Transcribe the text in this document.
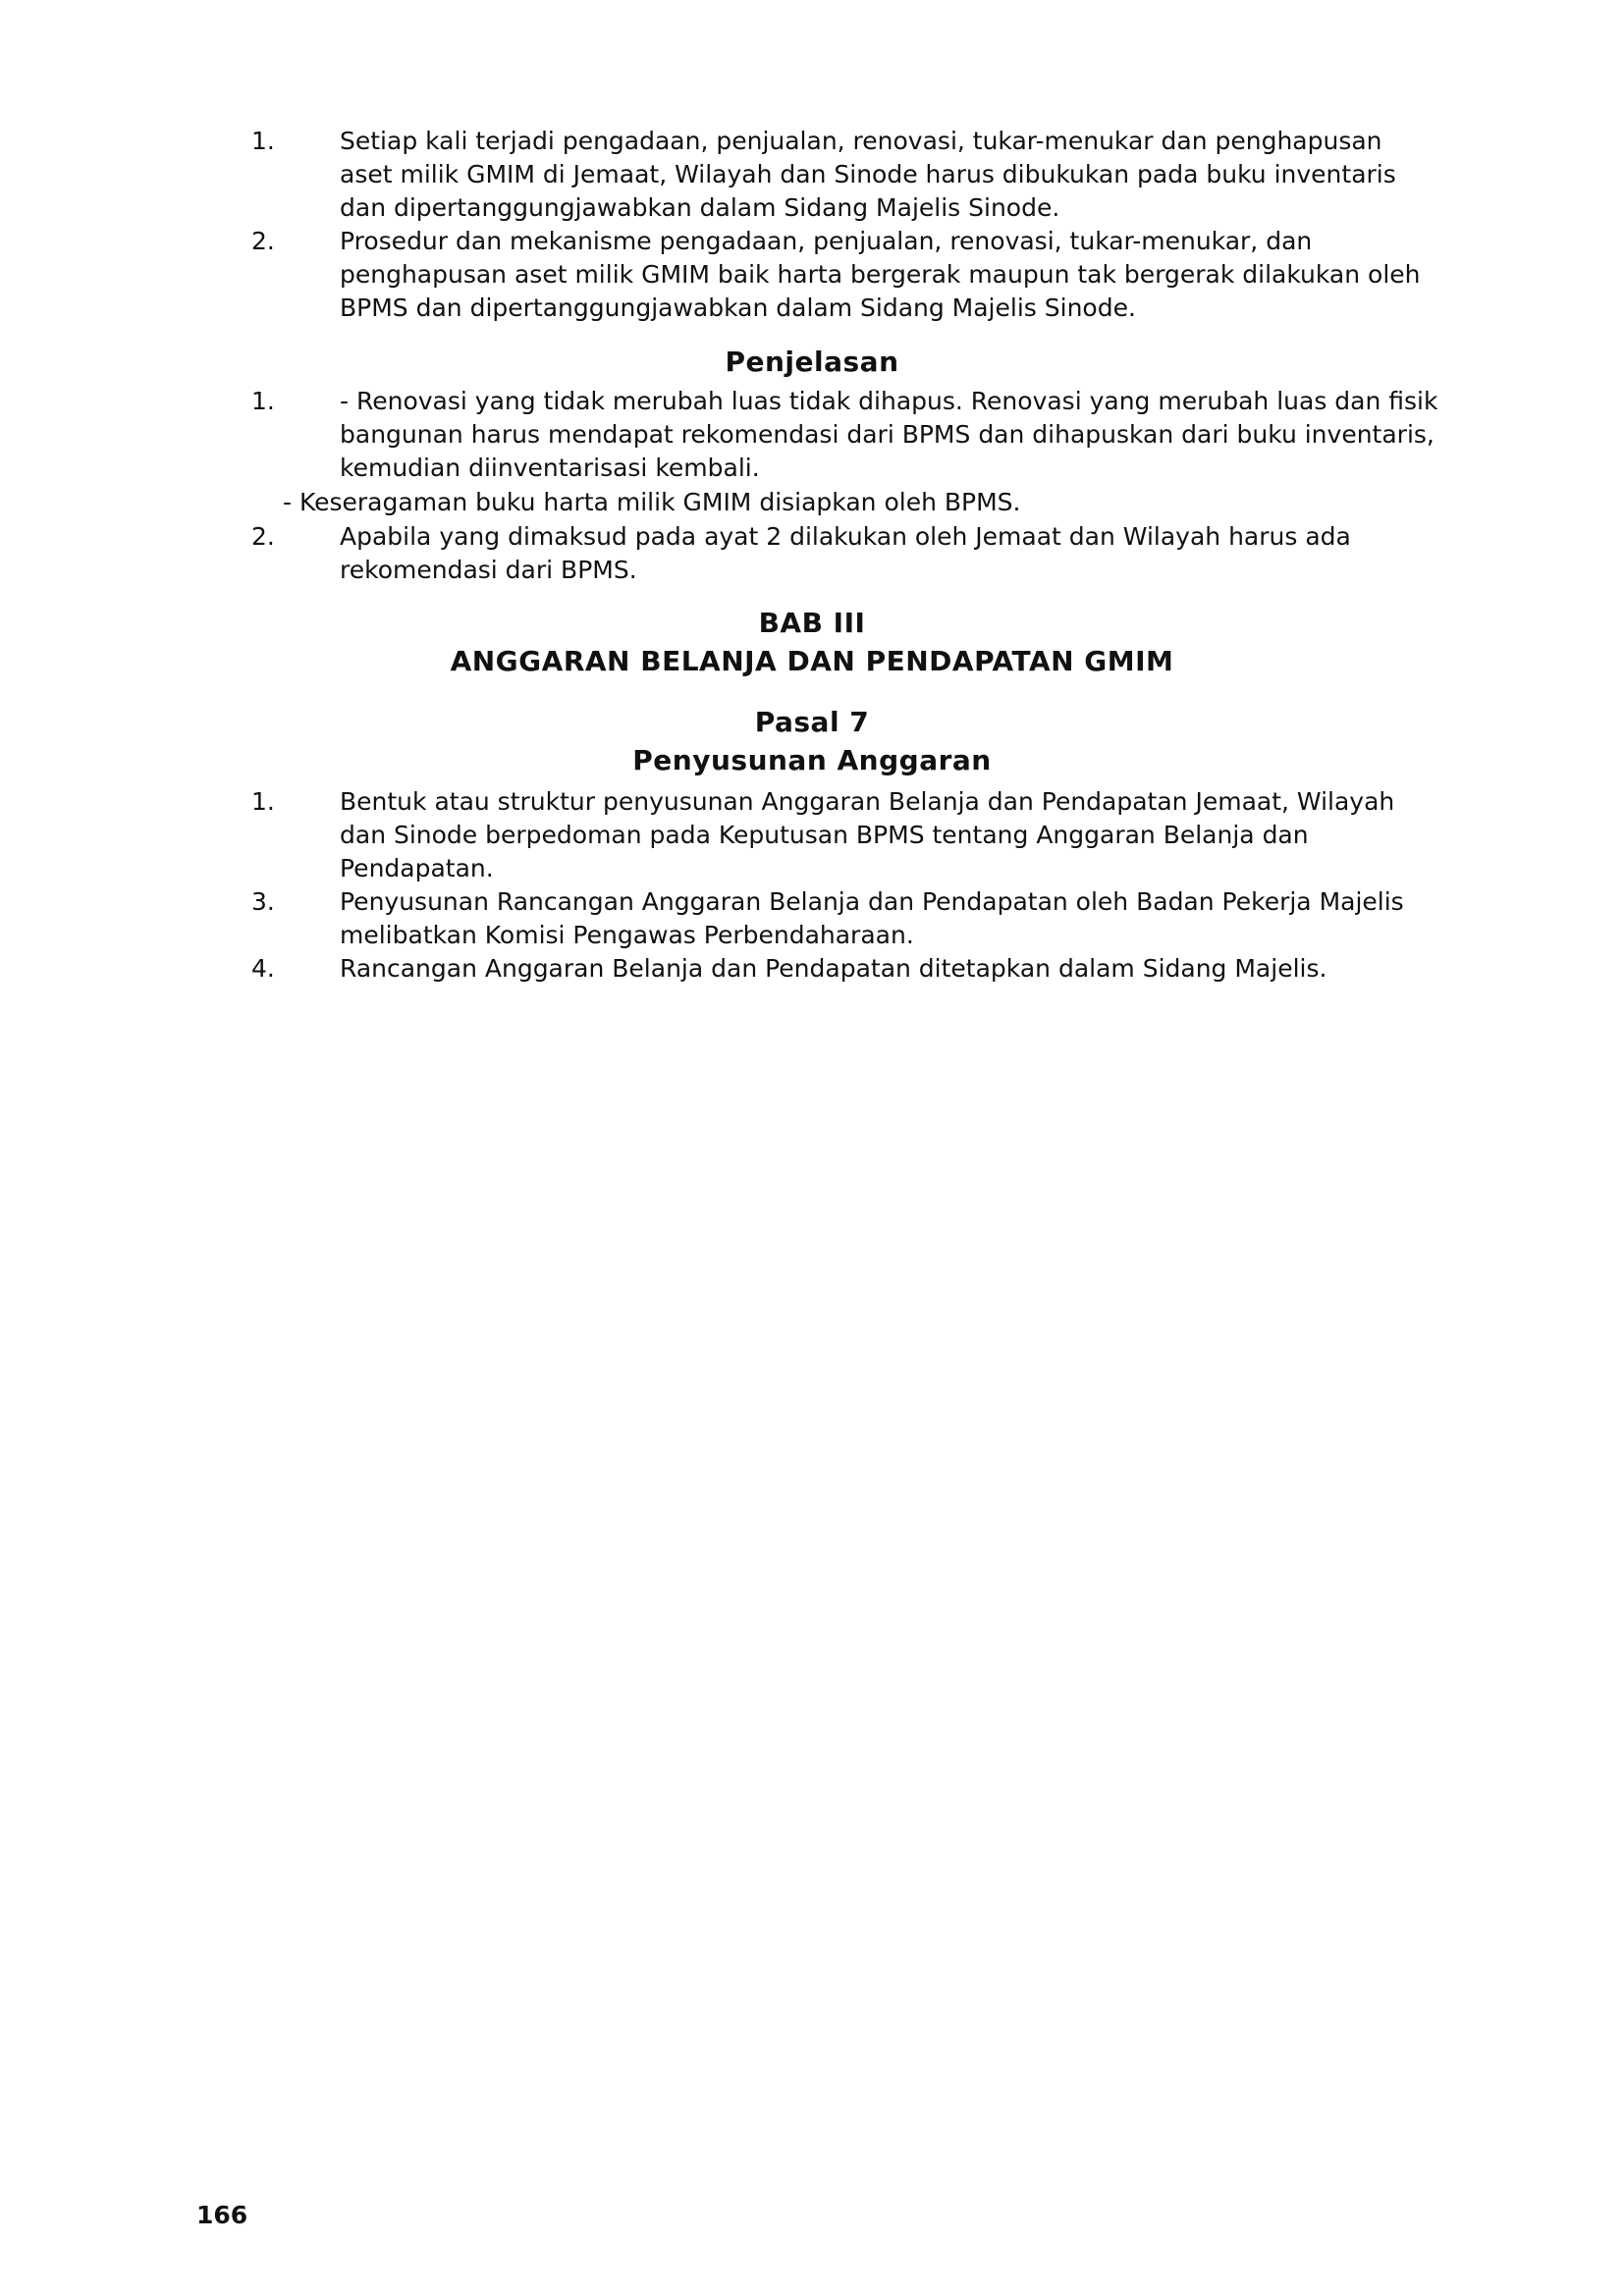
1.	Setiap kali terjadi pengadaan, penjualan, renovasi, tukar-menukar dan penghapusan aset milik GMIM di Jemaat, Wilayah dan Sinode harus dibukukan pada buku inventaris dan dipertanggungjawabkan dalam Sidang Majelis Sinode.
2.	Prosedur dan mekanisme pengadaan, penjualan, renovasi, tukar-menukar, dan penghapusan aset milik GMIM baik harta bergerak maupun tak bergerak dilakukan oleh BPMS dan dipertanggungjawabkan dalam Sidang Majelis Sinode.
Penjelasan
1.	- Renovasi yang tidak merubah luas tidak dihapus. Renovasi yang merubah luas dan fisik bangunan harus mendapat rekomendasi dari BPMS dan dihapuskan dari buku inventaris, kemudian diinventarisasi kembali.
- Keseragaman buku harta milik GMIM disiapkan oleh BPMS.
2.	Apabila yang dimaksud pada ayat 2 dilakukan oleh Jemaat dan Wilayah harus ada rekomendasi dari BPMS.
BAB III
ANGGARAN BELANJA DAN PENDAPATAN GMIM
Pasal 7
Penyusunan Anggaran
1.	Bentuk atau struktur penyusunan Anggaran Belanja dan Pendapatan Jemaat, Wilayah dan Sinode berpedoman pada Keputusan BPMS tentang Anggaran Belanja dan Pendapatan.
3.	Penyusunan Rancangan Anggaran Belanja dan Pendapatan oleh Badan Pekerja Majelis melibatkan Komisi Pengawas Perbendaharaan.
4.	Rancangan Anggaran Belanja dan Pendapatan ditetapkan dalam Sidang Majelis.
166
